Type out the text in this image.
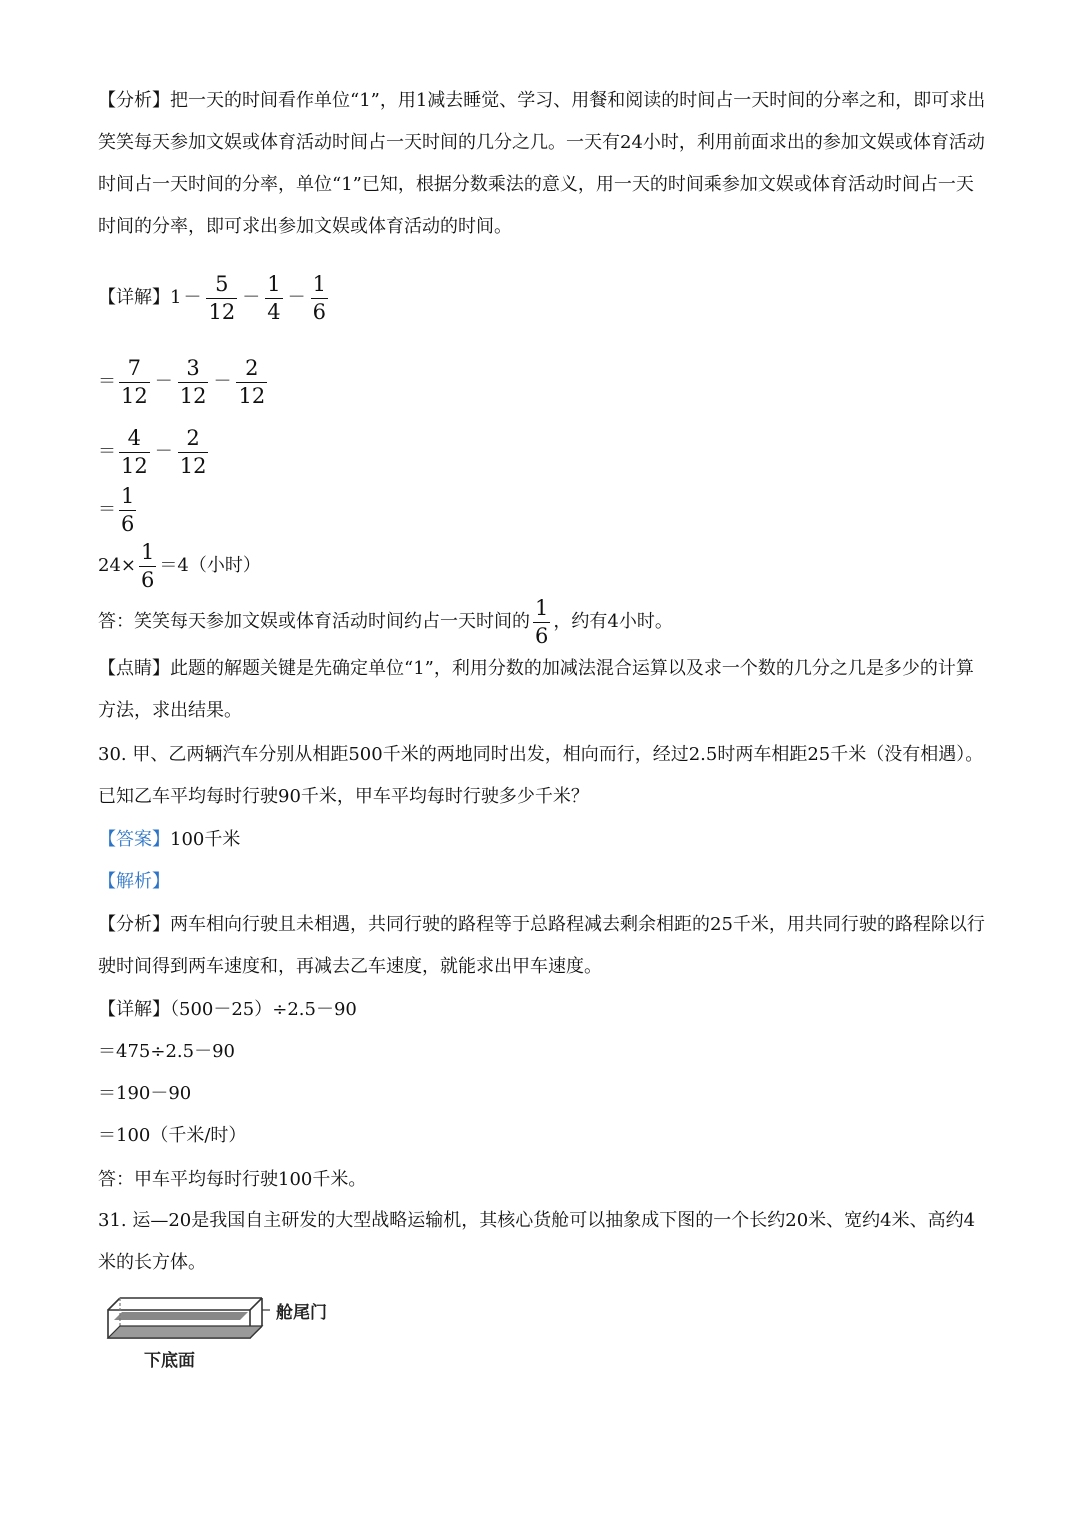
【分析】把一天的时间看作单位“1”，用1减去睡觉、学习、用餐和阅读的时间占一天时间的分率之和，即可求出笑笑每天参加文娱或体育活动时间占一天时间的几分之几。一天有24小时，利用前面求出的参加文娱或体育活动时间占一天时间的分率，单位“1”已知，根据分数乘法的意义，用一天的时间乘参加文娱或体育活动时间占一天时间的分率，即可求出参加文娱或体育活动的时间。

【详解】 $1 - \frac{5}{12} - \frac{1}{4} - \frac{1}{6}$
＝ $\frac{7}{12} - \frac{3}{12} - \frac{2}{12}$
＝ $\frac{4}{12} - \frac{2}{12}$
＝ $\frac{1}{6}$
$24\times \frac{1}{6} =4$（小时）
答：笑笑每天参加文娱或体育活动时间约占一天时间的 $\frac{1}{6}$ ，约有4小时。

【点睛】此题的解题关键是先确定单位“1”，利用分数的加减法混合运算以及求一个数的几分之几是多少的计算方法，求出结果。

30. 甲、乙两辆汽车分别从相距500千米的两地同时出发，相向而行，经过2.5时两车相距25千米（没有相遇）。已知乙车平均每时行驶90千米，甲车平均每时行驶多少千米？

【答案】100千米
【解析】

【分析】两车相向行驶且未相遇，共同行驶的路程等于总路程减去剩余相距的25千米，用共同行驶的路程除以行驶时间得到两车速度和，再减去乙车速度，就能求出甲车速度。

【详解】（500－25）÷2.5－90
＝475÷2.5－90
＝190－90
＝100（千米/时）
答：甲车平均每时行驶100千米。

31. 运—20是我国自主研发的大型战略运输机，其核心货舱可以抽象成下图的一个长约20米、宽约4米、高约4米的长方体。

舱尾门
下底面
